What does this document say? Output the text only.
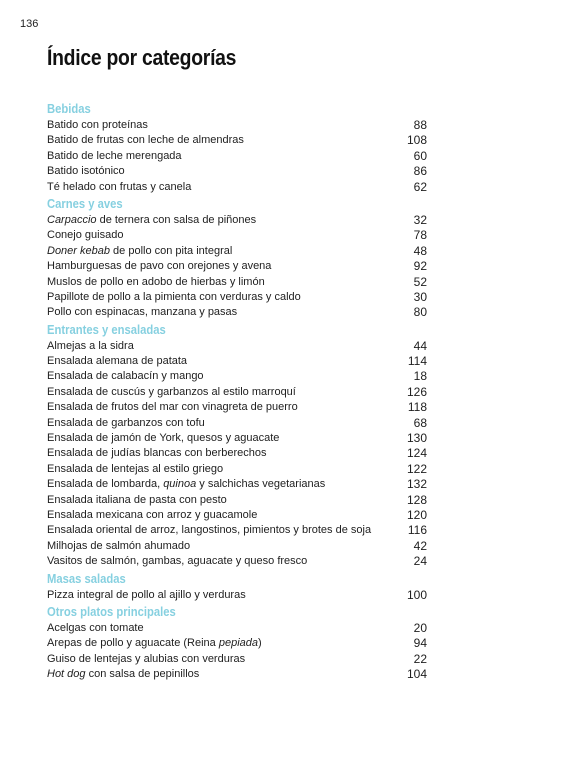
136
Índice por categorías
Bebidas
Batido con proteínas	88
Batido de frutas con leche de almendras	108
Batido de leche merengada	60
Batido isotónico	86
Té helado con frutas y canela	62
Carnes y aves
Carpaccio de ternera con salsa de piñones	32
Conejo guisado	78
Doner kebab de pollo con pita integral	48
Hamburguesas de pavo con orejones y avena	92
Muslos de pollo en adobo de hierbas y limón	52
Papillote de pollo a la pimienta con verduras y caldo	30
Pollo con espinacas, manzana y pasas	80
Entrantes y ensaladas
Almejas a la sidra	44
Ensalada alemana de patata	114
Ensalada de calabacín y mango	18
Ensalada de cuscús y garbanzos al estilo marroquí	126
Ensalada de frutos del mar con vinagreta de puerro	118
Ensalada de garbanzos con tofu	68
Ensalada de jamón de York, quesos y aguacate	130
Ensalada de judías blancas con berberechos	124
Ensalada de lentejas al estilo griego	122
Ensalada de lombarda, quinoa y salchichas vegetarianas	132
Ensalada italiana de pasta con pesto	128
Ensalada mexicana con arroz y guacamole	120
Ensalada oriental de arroz, langostinos, pimientos y brotes de soja	116
Milhojas de salmón ahumado	42
Vasitos de salmón, gambas, aguacate y queso fresco	24
Masas saladas
Pizza integral de pollo al ajillo y verduras	100
Otros platos principales
Acelgas con tomate	20
Arepas de pollo y aguacate (Reina pepiada)	94
Guiso de lentejas y alubias con verduras	22
Hot dog con salsa de pepinillos	104
